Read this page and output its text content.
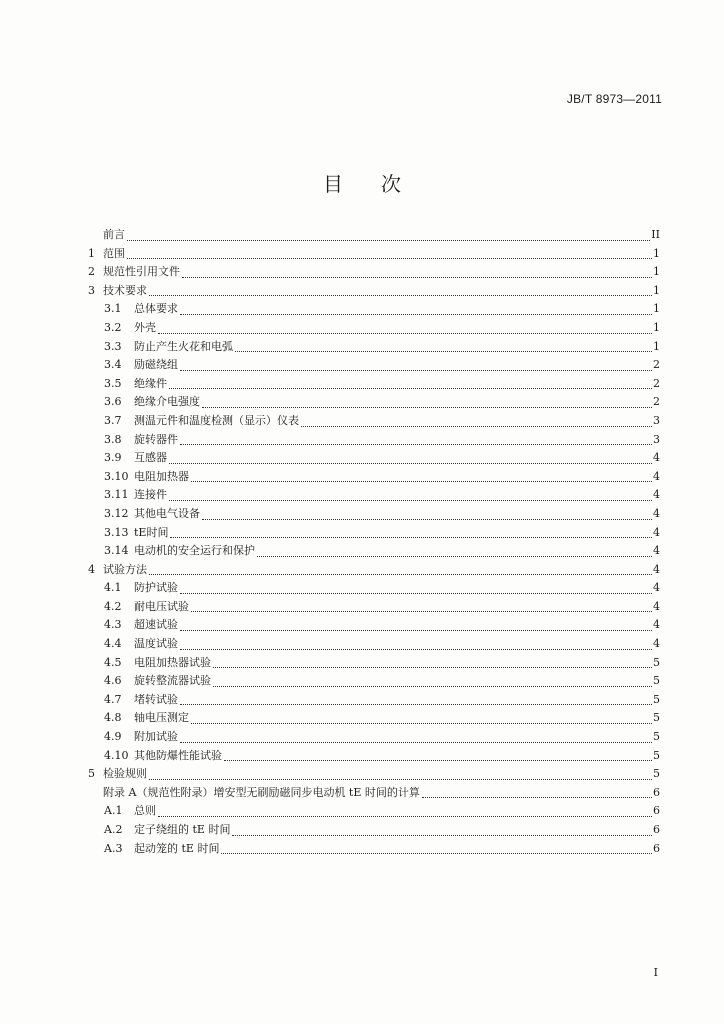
JB/T 8973—2011
目次
前言	II
1 范围	1
2 规范性引用文件	1
3 技术要求	1
3.1	总体要求	1
3.2	外壳	1
3.3	防止产生火花和电弧	1
3.4	励磁绕组	2
3.5	绝缘件	2
3.6	绝缘介电强度	2
3.7	测温元件和温度检测（显示）仪表	3
3.8	旋转器件	3
3.9	互感器	4
3.10 电阻加热器	4
3.11 连接件	4
3.12 其他电气设备	4
3.13 tE时间	4
3.14 电动机的安全运行和保护	4
4 试验方法	4
4.1	防护试验	4
4.2	耐电压试验	4
4.3	超速试验	4
4.4	温度试验	4
4.5	电阻加热器试验	5
4.6	旋转整流器试验	5
4.7	堵转试验	5
4.8	轴电压测定	5
4.9	附加试验	5
4.10 其他防爆性能试验	5
5 检验规则	5
附录 A（规范性附录）增安型无刷励磁同步电动机 tE 时间的计算	6
A.1	总则	6
A.2	定子绕组的 tE 时间	6
A.3	起动笼的 tE 时间	6
I
